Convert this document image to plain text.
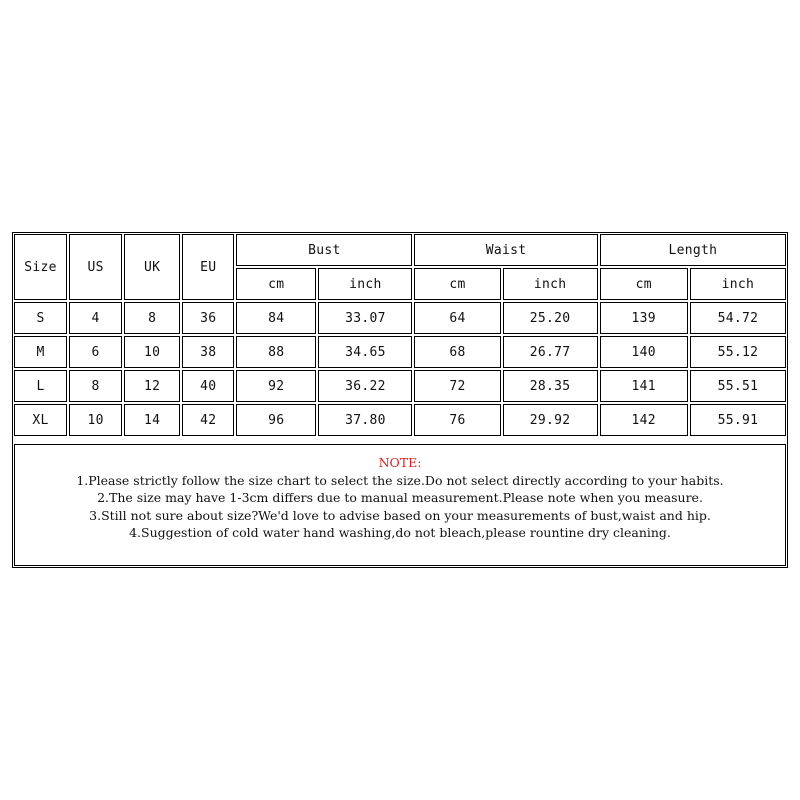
Size	US	UK	EU	Bust		Waist		Length	
				cm	inch	cm	inch	cm	inch
S	4	8	36	84	33.07	64	25.20	139	54.72
M	6	10	38	88	34.65	68	26.77	140	55.12
L	8	12	40	92	36.22	72	28.35	141	55.51
XL	10	14	42	96	37.80	76	29.92	142	55.91
NOTE:
1.Please strictly follow the size chart to select the size.Do not select directly according to your habits.
2.The size may have 1-3cm differs due to manual measurement.Please note when you measure.
3.Still not sure about size?We'd love to advise based on your measurements of bust,waist and hip.
4.Suggestion of cold water hand washing,do not bleach,please rountine dry cleaning.
